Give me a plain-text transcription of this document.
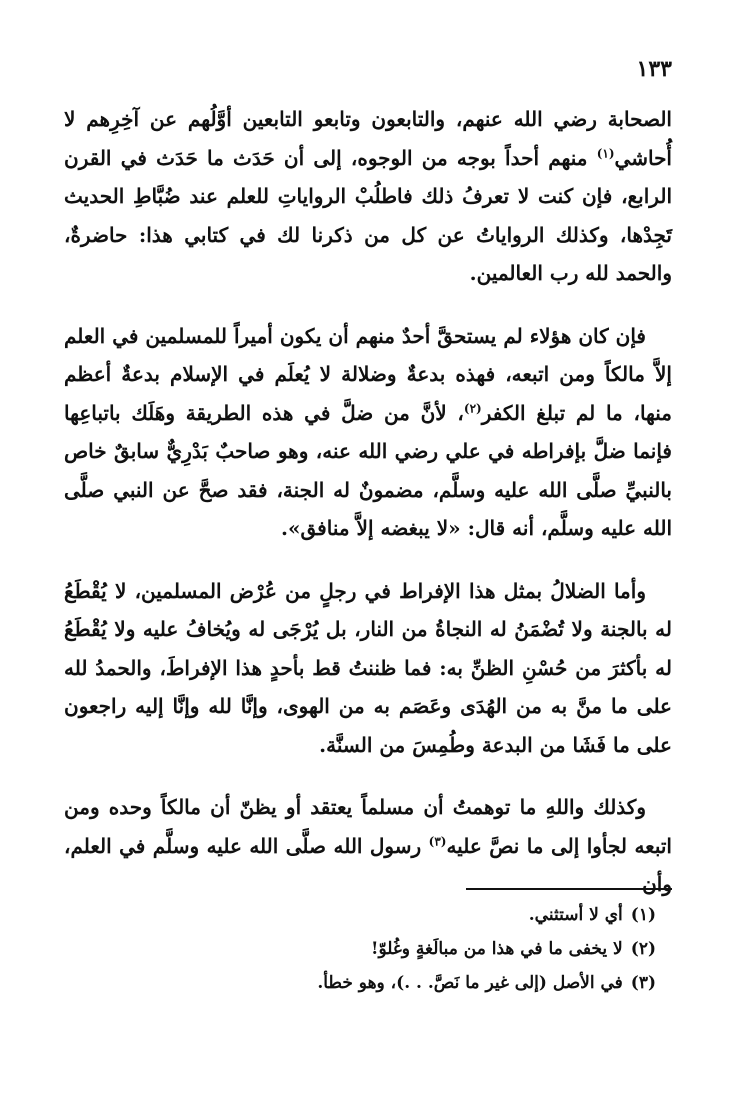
١٣٣

الصحابة رضي الله عنهم، والتابعون وتابعو التابعين أوَّلُهم عن آخِرِهم لا أُحاشي$^{(١)}$ منهم أحداً بوجه من الوجوه، إلى أن حَدَث ما حَدَث في القرن الرابع، فإن كنت لا تعرفُ ذلك فاطلُبْ الرواياتِ للعلم عند ضُبَّاطِ الحديث تَجِدْها، وكذلك الرواياتُ عن كل من ذكرنا لك في كتابي هذا: حاضرةٌ، والحمد لله رب العالمين.

فإن كان هؤلاء لم يستحقَّ أحدٌ منهم أن يكون أميراً للمسلمين في العلم إلاَّ مالكاً ومن اتبعه، فهذه بدعةٌ وضلالة لا يُعلَم في الإسلام بدعةٌ أعظم منها، ما لم تبلغ الكفر$^{(٢)}$، لأنَّ من ضلَّ في هذه الطريقة وهَلَك باتباعِها فإنما ضلَّ بإفراطه في علي رضي الله عنه، وهو صاحبٌ بَدْرِيٌّ سابقٌ خاص بالنبيِّ صلَّى الله عليه وسلَّم، مضمونٌ له الجنة، فقد صحَّ عن النبي صلَّى الله عليه وسلَّم، أنه قال: «لا يبغضه إلاَّ منافق».

وأما الضلالُ بمثل هذا الإفراط في رجلٍ من عُرْض المسلمين، لا يُقْطَعُ له بالجنة ولا تُضْمَنُ له النجاةُ من النار، بل يُرْجَى له ويُخافُ عليه ولا يُقْطَعُ له بأكثرَ من حُسْنِ الظنِّ به: فما ظننتُ قط بأحدٍ هذا الإفراطَ، والحمدُ لله على ما منَّ به من الهُدَى وعَصَم به من الهوى، وإنَّا لله وإنَّا إليه راجعون على ما فَشَا من البدعة وطُمِسَ من السنَّة.

وكذلك واللهِ ما توهمتُ أن مسلماً يعتقد أو يظنّ أن مالكاً وحده ومن اتبعه لجأوا إلى ما نصَّ عليه$^{(٣)}$ رسول الله صلَّى الله عليه وسلَّم في العلم، وأن

(١)أي لا أستثني.
(٢)لا يخفى ما في هذا من مبالَغةٍ وغُلوّ!
(٣)في الأصل (إلى غير ما نَصَّ. . .)، وهو خطأ.
